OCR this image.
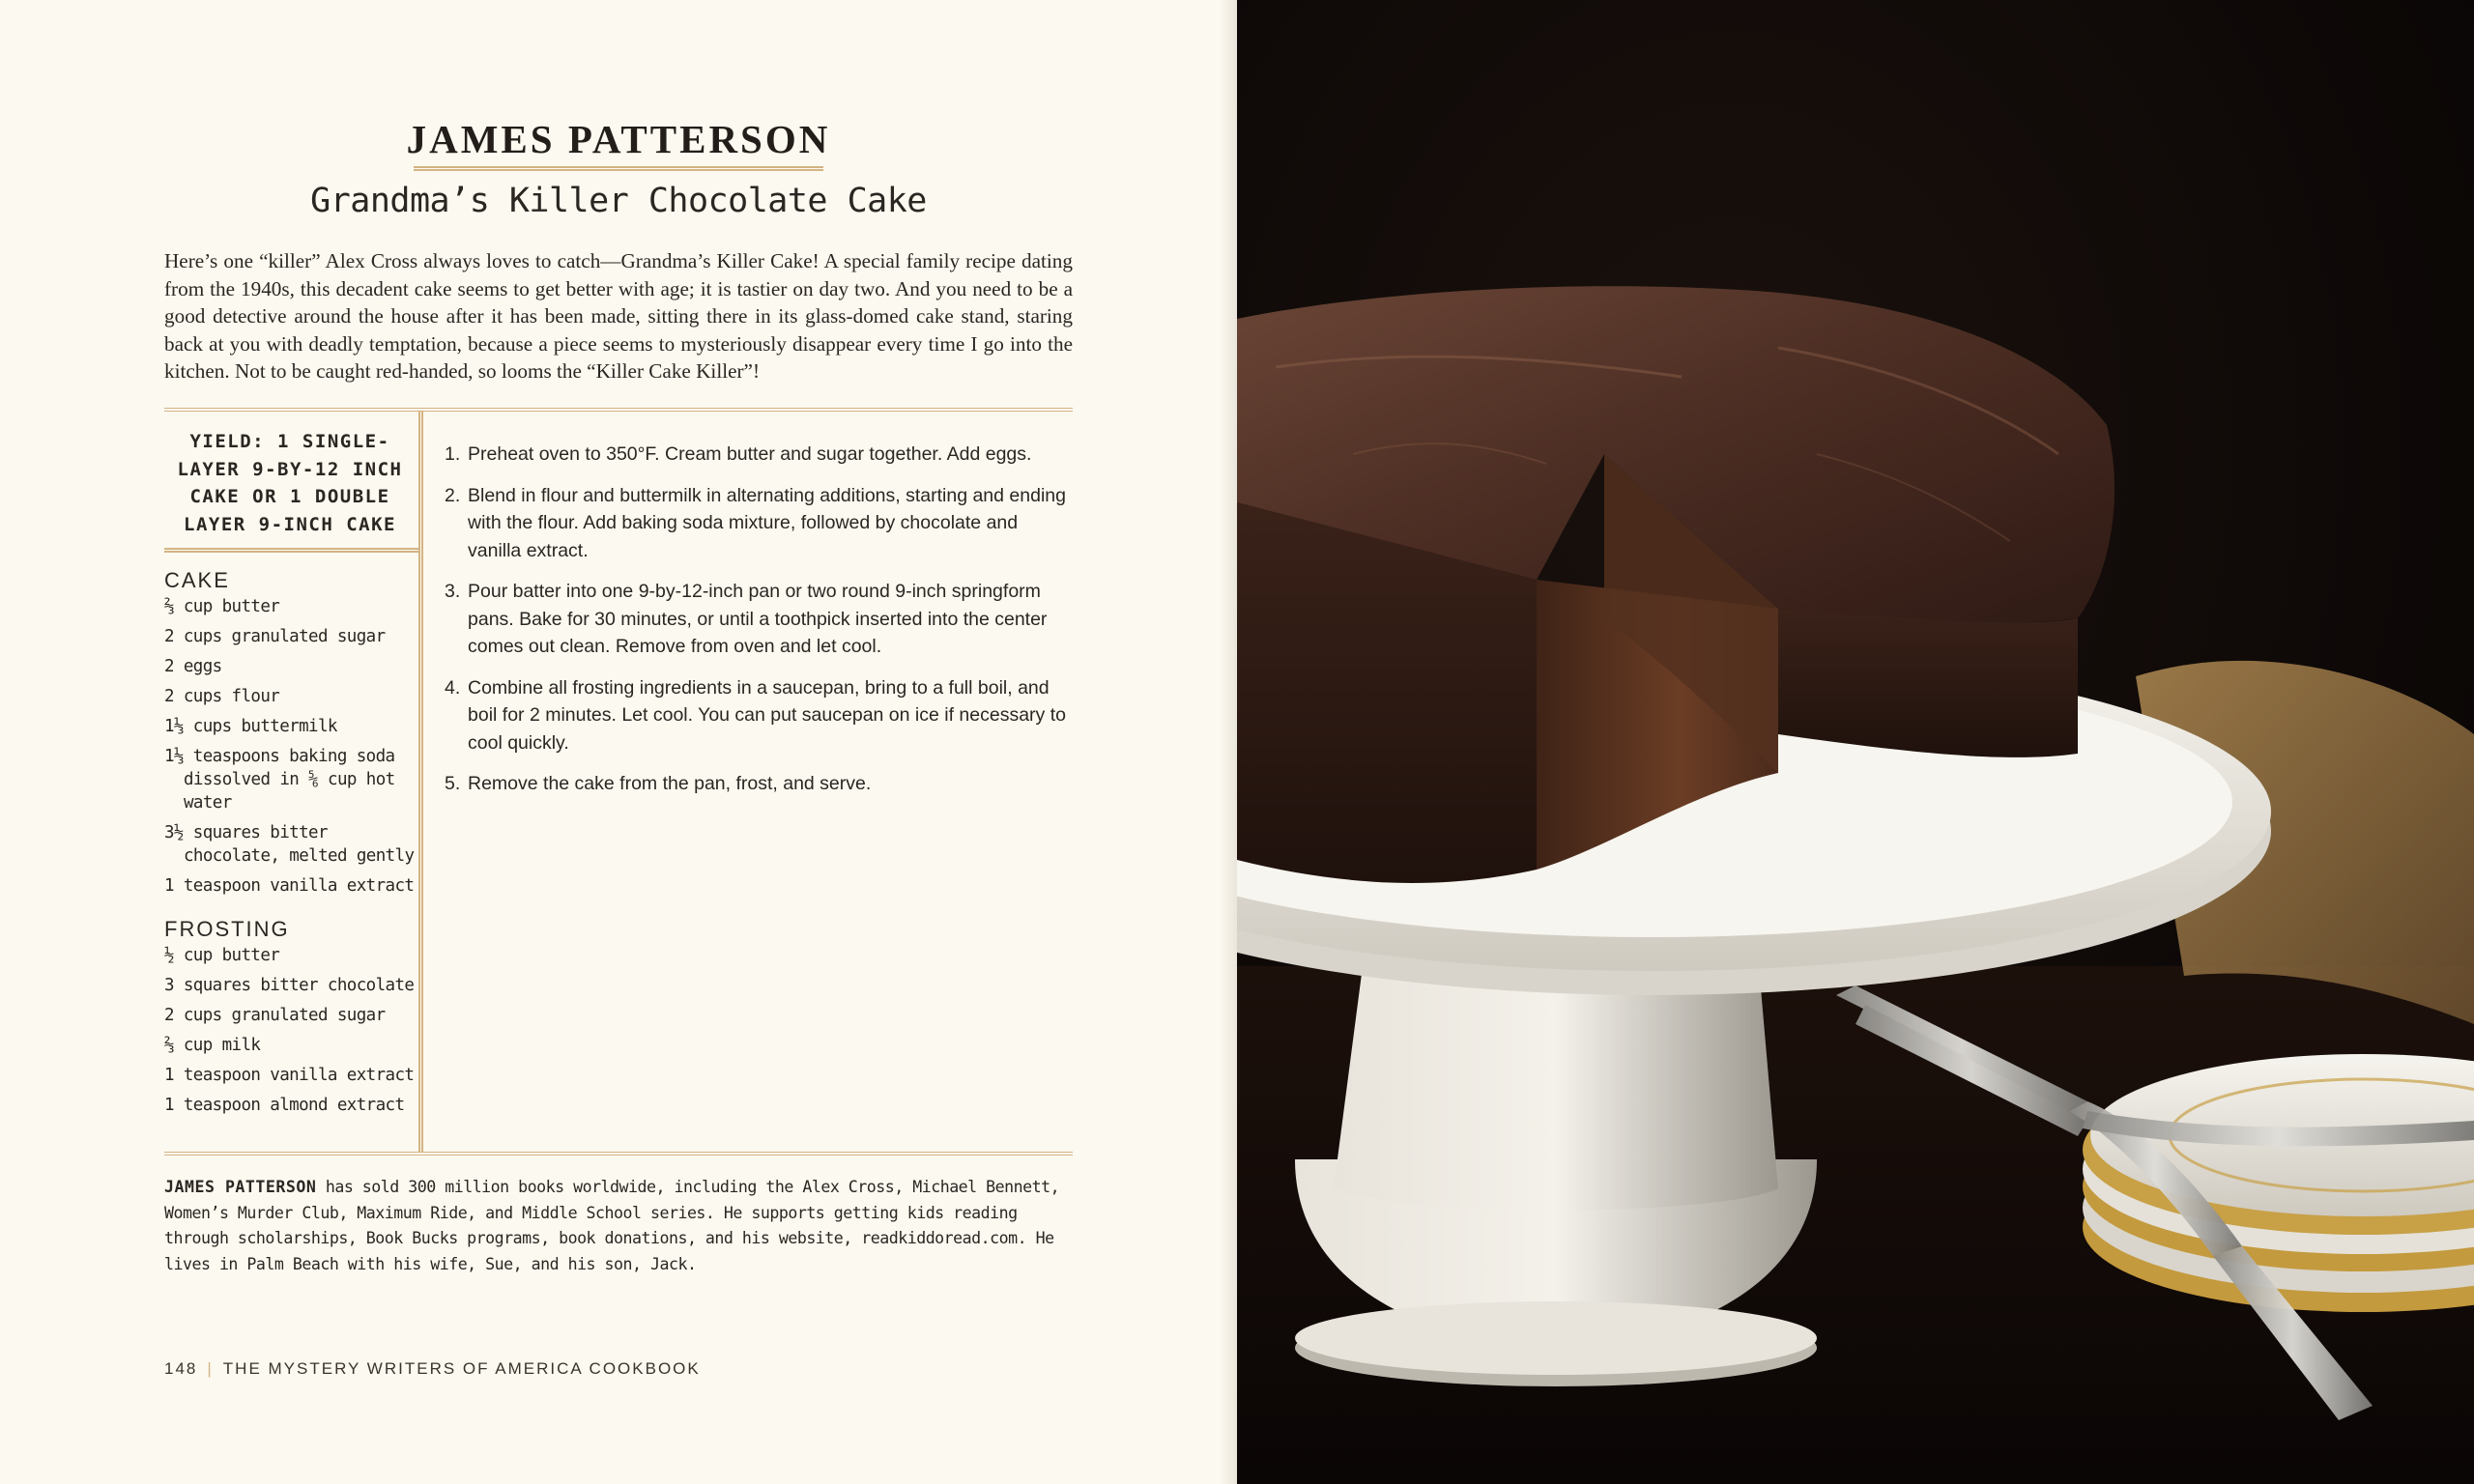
JAMES PATTERSON
Grandma’s Killer Chocolate Cake

Here’s one “killer” Alex Cross always loves to catch—Grandma’s Killer Cake! A special family recipe dating from the 1940s, this decadent cake seems to get better with age; it is tastier on day two. And you need to be a good detective around the house after it has been made, sitting there in its glass-domed cake stand, staring back at you with deadly temptation, because a piece seems to mysteriously disappear every time I go into the kitchen. Not to be caught red-handed, so looms the “Killer Cake Killer”!

YIELD: 1 SINGLE-
LAYER 9-BY-12 INCH
CAKE OR 1 DOUBLE
LAYER 9-INCH CAKE
CAKE
⅔ cup butter
2 cups granulated sugar
2 eggs
2 cups flour
1⅓ cups buttermilk
1⅓ teaspoons baking soda dissolved in ⅚ cup hot water
3½ squares bitter chocolate, melted gently
1 teaspoon vanilla extract
FROSTING
½ cup butter
3 squares bitter chocolate
2 cups granulated sugar
⅔ cup milk
1 teaspoon vanilla extract
1 teaspoon almond extract
1. Preheat oven to 350°F. Cream butter and sugar together. Add eggs.
2. Blend in flour and buttermilk in alternating additions, starting and ending with the flour. Add baking soda mixture, followed by chocolate and vanilla extract.
3. Pour batter into one 9-by-12-inch pan or two round 9-inch springform pans. Bake for 30 minutes, or until a toothpick inserted into the center comes out clean. Remove from oven and let cool.
4. Combine all frosting ingredients in a saucepan, bring to a full boil, and boil for 2 minutes. Let cool. You can put saucepan on ice if necessary to cool quickly.
5. Remove the cake from the pan, frost, and serve.

JAMES PATTERSON has sold 300 million books worldwide, including the Alex Cross, Michael Bennett, Women’s Murder Club, Maximum Ride, and Middle School series. He supports getting kids reading through scholarships, Book Bucks programs, book donations, and his website, readkiddoread.com. He lives in Palm Beach with his wife, Sue, and his son, Jack.

148 | THE MYSTERY WRITERS OF AMERICA COOKBOOK
